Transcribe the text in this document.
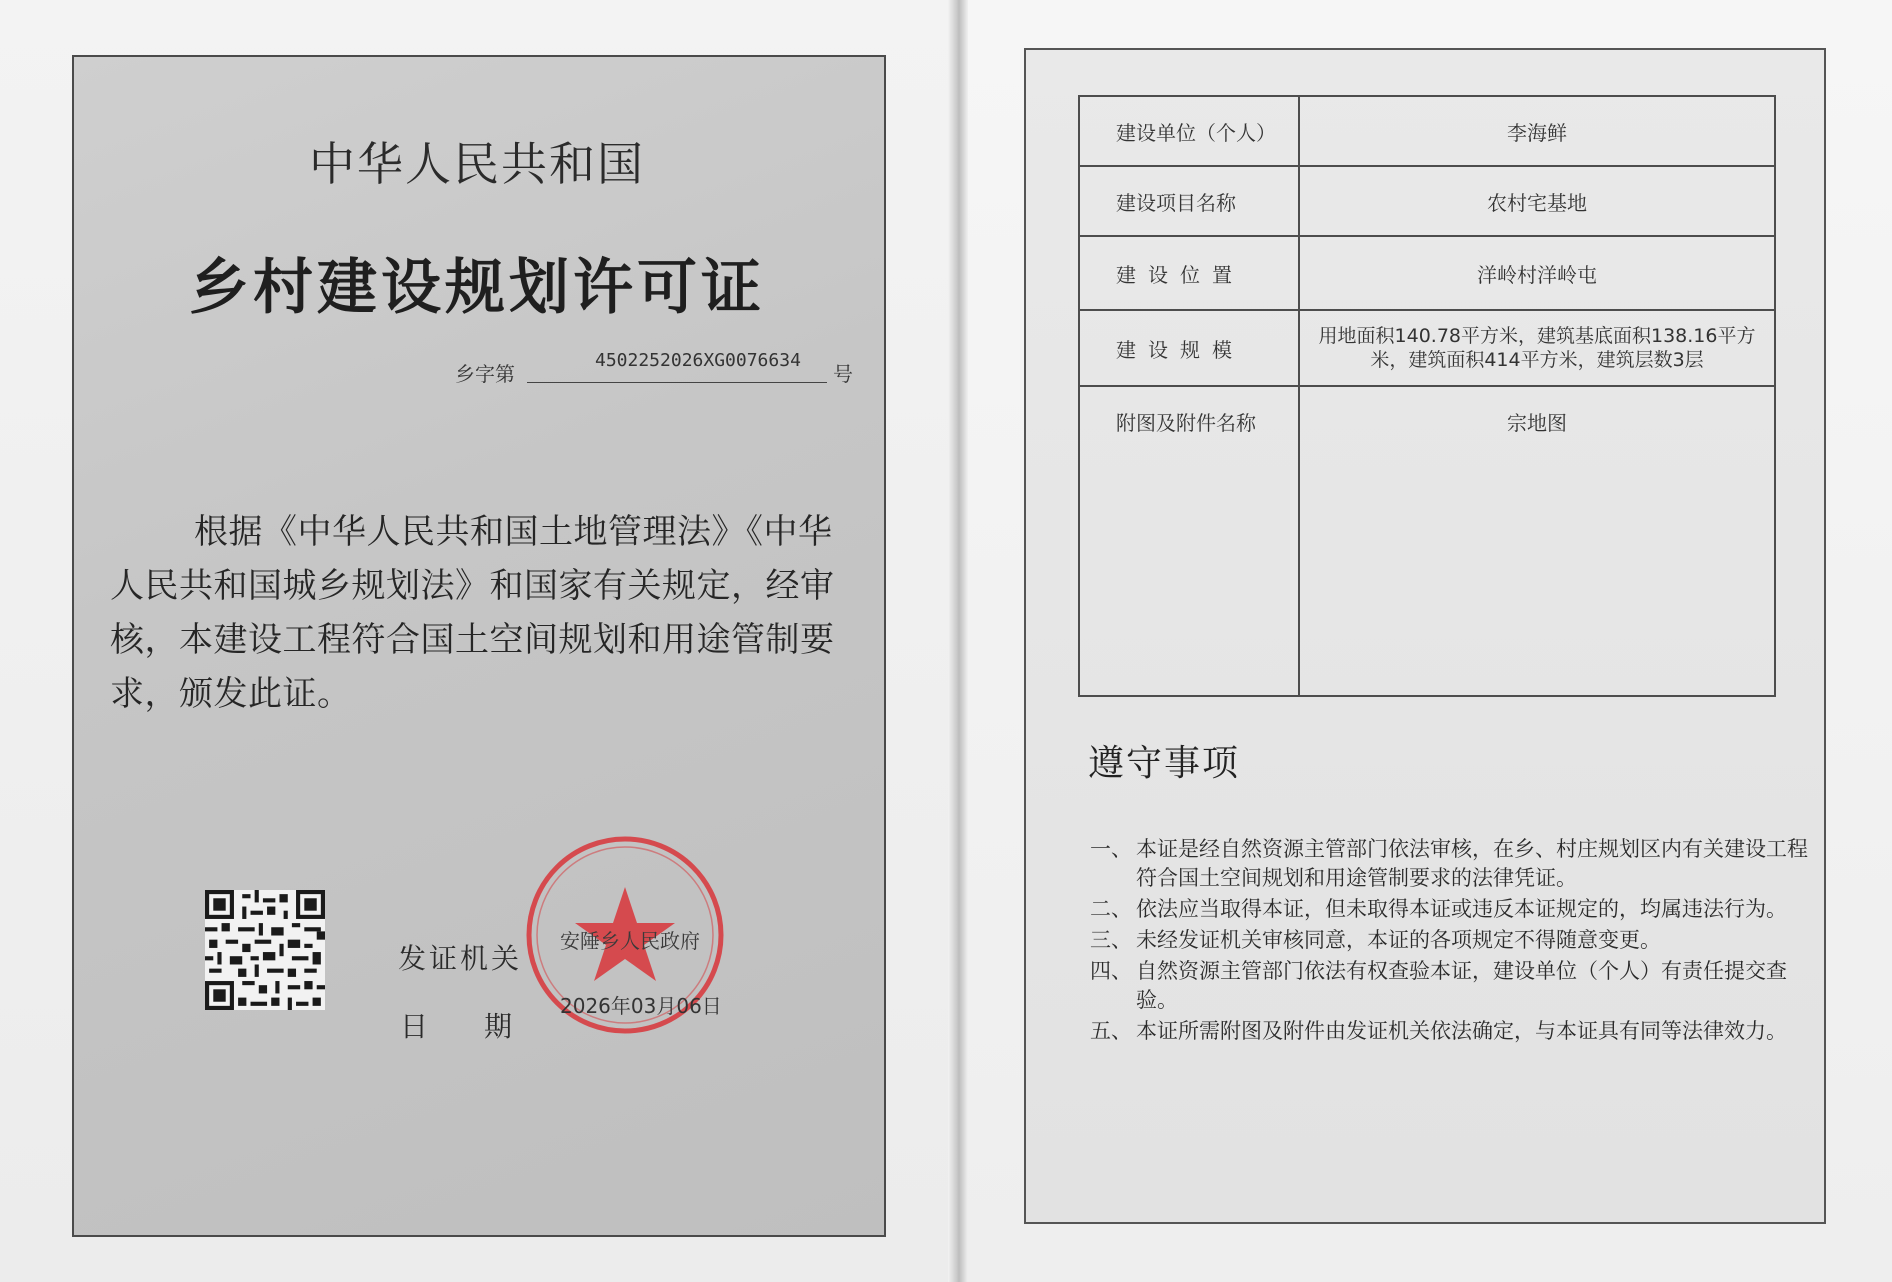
中华人民共和国
乡村建设规划许可证
乡字第
4502252026XG0076634
号
根据《中华人民共和国土地管理法》《中华人民共和国城乡规划法》和国家有关规定，经审核，本建设工程符合国土空间规划和用途管制要求，颁发此证。
发证机关
日　　期
安陲乡人民政府
2026年03月06日
建设单位（个人）	李海鲜
建设项目名称	农村宅基地
建设位置	洋岭村洋岭屯
建设规模	用地面积140.78平方米，建筑基底面积138.16平方米，建筑面积414平方米，建筑层数3层
附图及附件名称	宗地图
遵守事项
一、 本证是经自然资源主管部门依法审核，在乡、村庄规划区内有关建设工程符合国土空间规划和用途管制要求的法律凭证。
二、 依法应当取得本证，但未取得本证或违反本证规定的，均属违法行为。
三、 未经发证机关审核同意，本证的各项规定不得随意变更。
四、 自然资源主管部门依法有权查验本证，建设单位（个人）有责任提交查验。
五、 本证所需附图及附件由发证机关依法确定，与本证具有同等法律效力。
